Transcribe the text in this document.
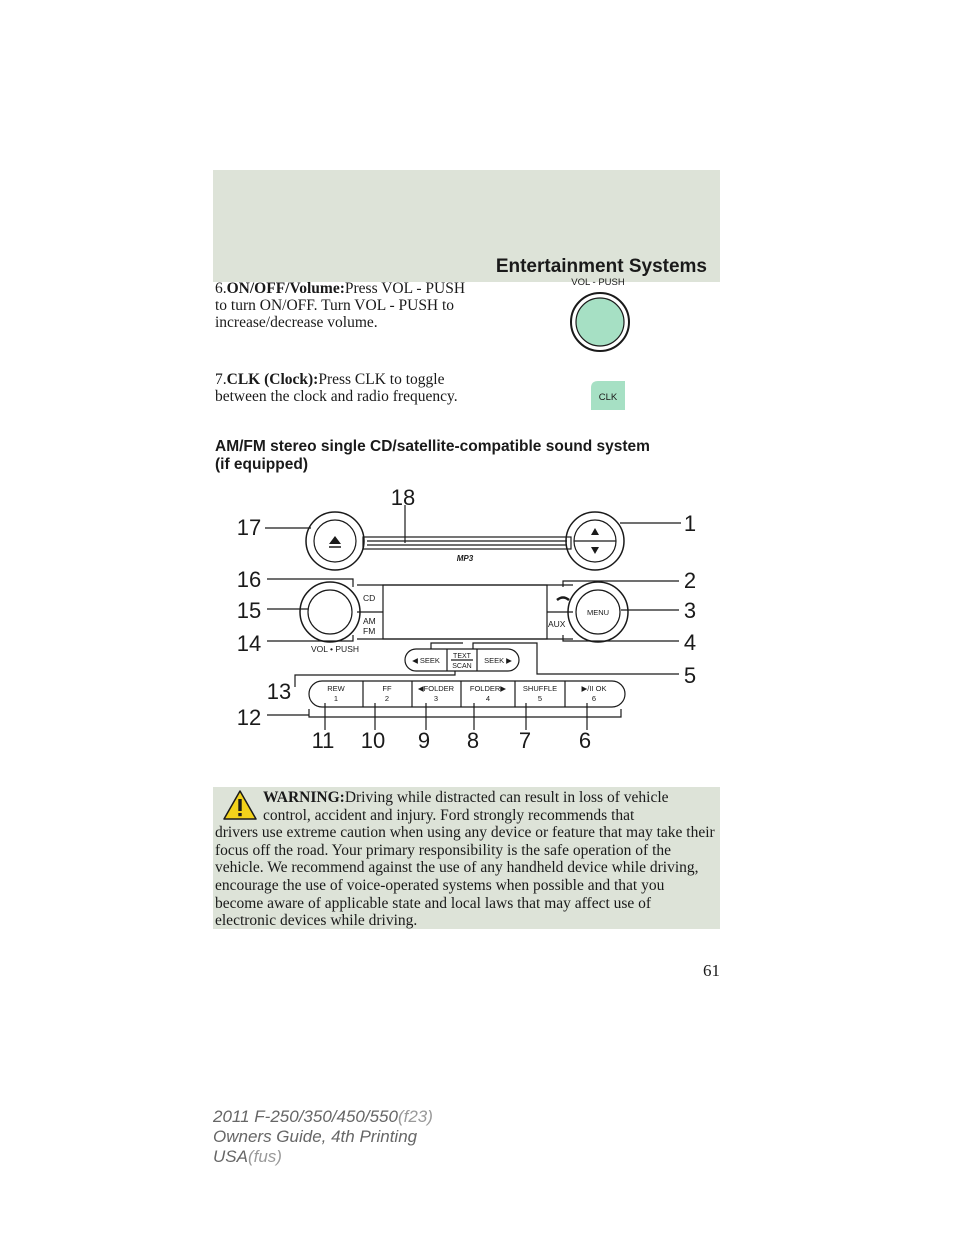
Entertainment Systems
6.ON/OFF/Volume:Press VOL - PUSH to turn ON/OFF. Turn VOL - PUSH to increase/decrease volume.
7.CLK (Clock):Press CLK to toggle between the clock and radio frequency.
VOL - PUSH
CLK
AM/FM stereo single CD/satellite-compatible sound system
(if equipped)
MP3
CD
AM
FM
VOL • PUSH
AUX
MENU
◀ SEEK TEXT
SCAN
SEEK ▶
REW
1
FF
2
◀FOLDER
3
FOLDER▶
4
SHUFFLE
5
▶/II OK
6
17
18
1
16	2
15	3
14	4
5
13
12
11 10 9 8 7 6
WARNING:Driving while distracted can result in loss of vehicle
control, accident and injury. Ford strongly recommends that
drivers use extreme caution when using any device or feature that may take their focus off the road. Your primary responsibility is the safe operation of the vehicle. We recommend against the use of any handheld device while driving, encourage the use of voice-operated systems when possible and that you become aware of applicable state and local laws that may affect use of electronic devices while driving.
61
2011 F-250/350/450/550(f23)
Owners Guide, 4th Printing
USA(fus)
